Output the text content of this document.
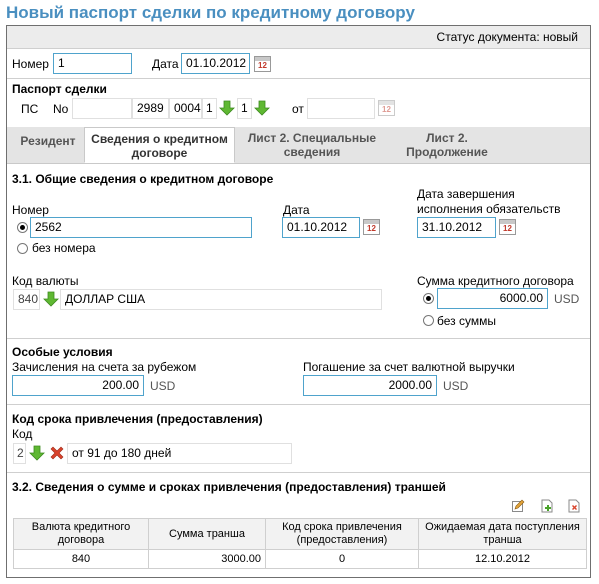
Новый паспорт сделки по кредитному договору
Статус документа: новый
Номер 1	Дата 01.10.2012	12
Паспорт сделки
ПС No	2989 0004 1	1	от	12
Резидент	Сведения о кредитном договоре
Лист 2. Специальные сведения
Лист 2. Продолжение
3.1. Общие сведения о кредитном договоре
Номер
2562
без номера
Дата
01.10.2012	12
Дата завершения
исполнения обязательств
31.10.2012	12
Код валюты
840	ДОЛЛАР США
Сумма кредитного договора
6000.00 USD
без суммы
Особые условия
Зачисления на счета за рубежом
200.00 USD
Погашение за счет валютной выручки
2000.00 USD
Код срока привлечения (предоставления)
Код
2	от 91 до 180 дней
3.2. Сведения о сумме и сроках привлечения (предоставления) траншей
Валюта кредитного договора	Сумма транша	Код срока привлечения (предоставления)	Ожидаемая дата поступления транша
840	3000.00	0	12.10.2012
